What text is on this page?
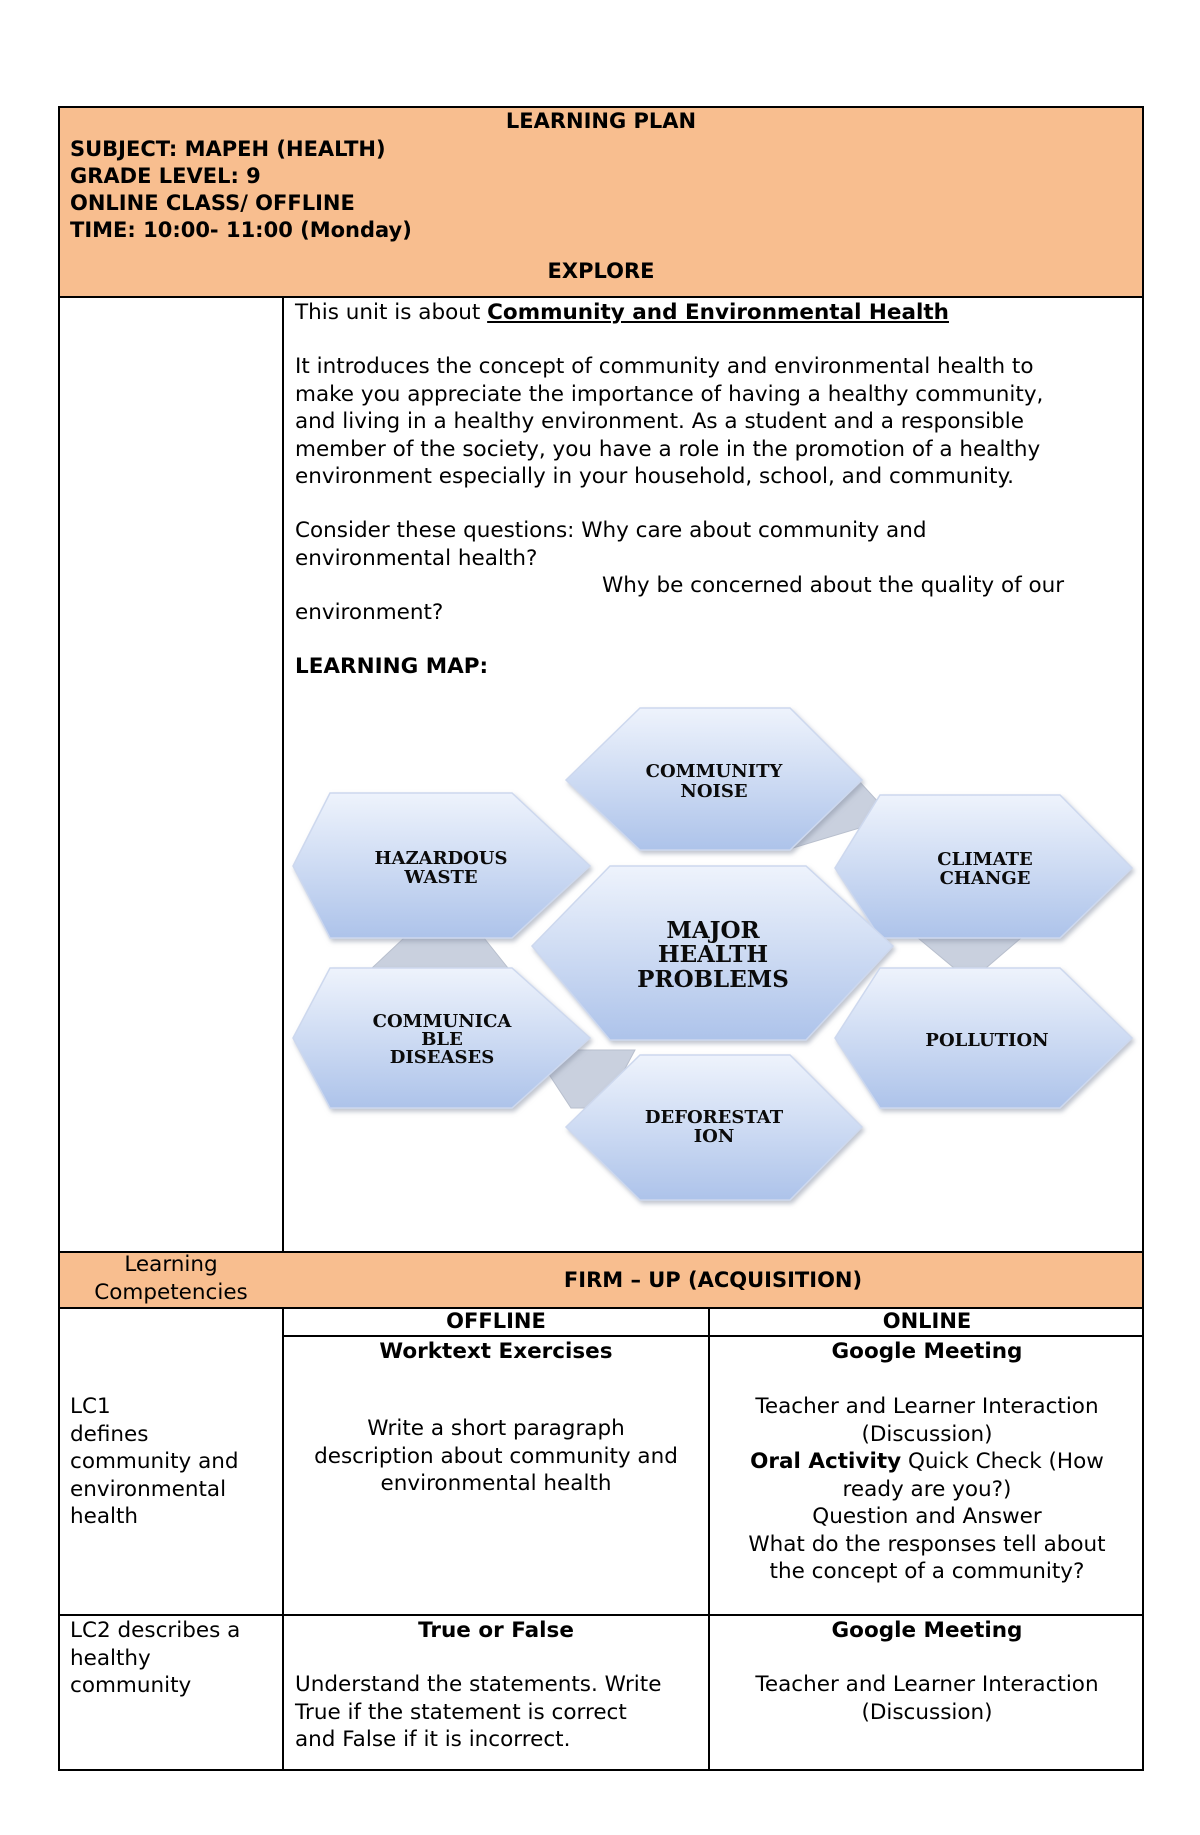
LEARNING PLAN
SUBJECT: MAPEH (HEALTH)
GRADE LEVEL: 9
ONLINE CLASS/ OFFLINE
TIME: 10:00- 11:00 (Monday)
EXPLORE
This unit is about Community and Environmental Health
It introduces the concept of community and environmental health to
make you appreciate the importance of having a healthy community,
and living in a healthy environment. As a student and a responsible
member of the society, you have a role in the promotion of a healthy
environment especially in your household, school, and community.
Consider these questions: Why care about community and
environmental health?
Why be concerned about the quality of our
environment?
LEARNING MAP:
COMMUNITY
NOISE
HAZARDOUS
WASTE
CLIMATE
CHANGE
MAJOR
HEALTH
PROBLEMS
COMMUNICA
BLE
DISEASES
POLLUTION
DEFORESTAT
ION
Learning
Competencies	FIRM – UP (ACQUISITION)
OFFLINE	ONLINE
LC1
defines
community and
environmental
health
Worktext Exercises
Write a short paragraph
description about community and
environmental health
Google Meeting
Teacher and Learner Interaction
(Discussion)
Oral Activity Quick Check (How
ready are you?)
Question and Answer
What do the responses tell about
the concept of a community?
LC2 describes a
healthy
community
True or False
Understand the statements. Write
True if the statement is correct
and False if it is incorrect.
Google Meeting
Teacher and Learner Interaction
(Discussion)
